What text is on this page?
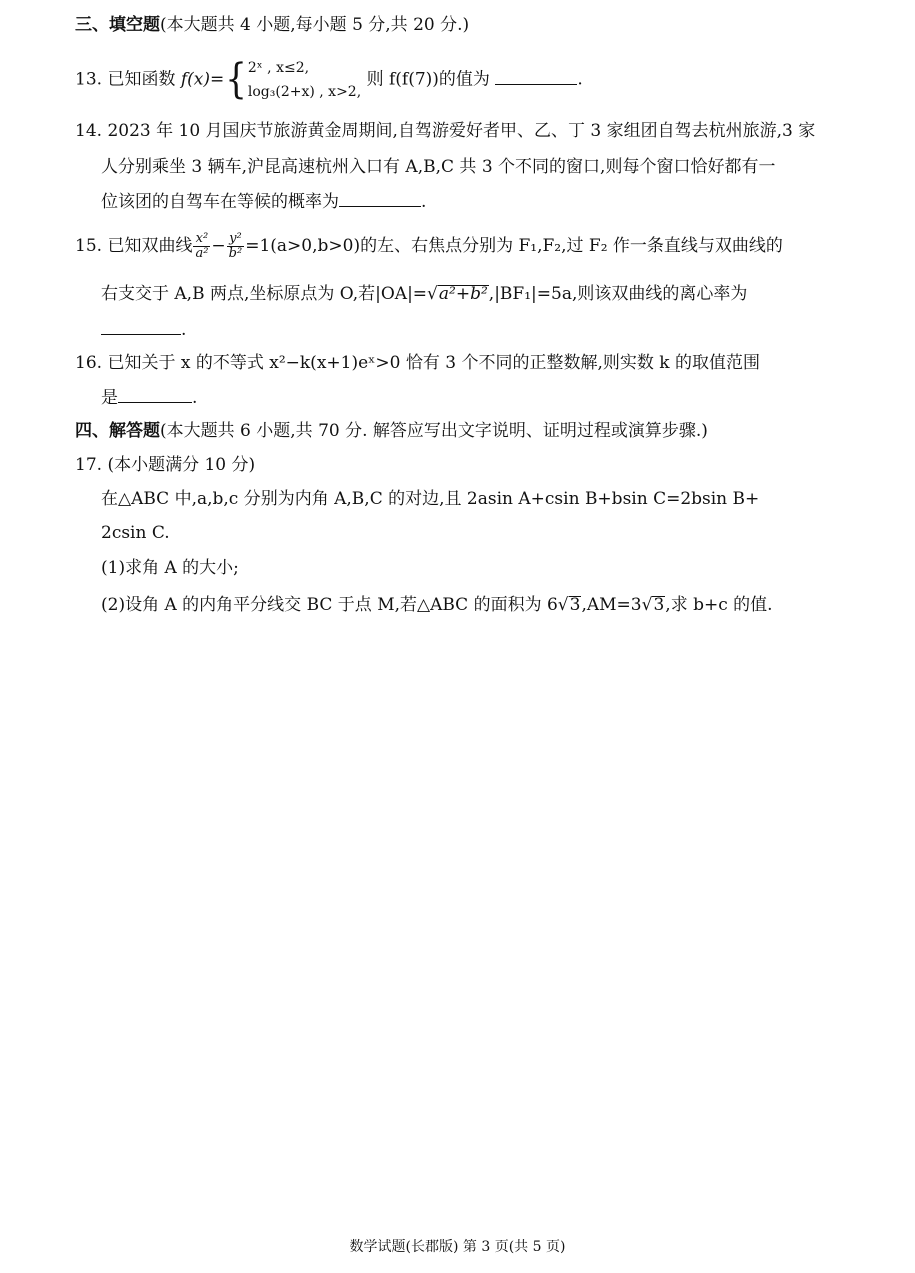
三、填空题(本大题共 4 小题,每小题 5 分,共 20 分.)
13. 已知函数 f(x)={ 2ˣ , x≤2,
log₃(2+x) , x>2,
则 f(f(7))的值为	.
14. 2023 年 10 月国庆节旅游黄金周期间,自驾游爱好者甲、乙、丁 3 家组团自驾去杭州旅游,3 家
人分别乘坐 3 辆车,沪昆高速杭州入口有 A,B,C 共 3 个不同的窗口,则每个窗口恰好都有一
位该团的自驾车在等候的概率为	.
15. 已知双曲线 $\frac{\text{x²}}{\text{a²}} - \frac{\text{y²}}{\text{b²}} =1(a>0,b>0)$的左、右焦点分别为 F₁,F₂,过 F₂ 作一条直线与双曲线的
右支交于 A,B 两点,坐标原点为 O,若|OA|=√a²+b²,|BF₁|=5a,则该双曲线的离心率为
.
16. 已知关于 x 的不等式 x²−k(x+1)eˣ>0 恰有 3 个不同的正整数解,则实数 k 的取值范围
是	.
四、解答题(本大题共 6 小题,共 70 分. 解答应写出文字说明、证明过程或演算步骤.)
17. (本小题满分 10 分)
在△ABC 中,a,b,c 分别为内角 A,B,C 的对边,且 2asin A+csin B+bsin C=2bsin B+
2csin C.
(1)求角 A 的大小;
(2)设角 A 的内角平分线交 BC 于点 M,若△ABC 的面积为 6√3,AM=3√3,求 b+c 的值.
数学试题(长郡版) 第 3 页(共 5 页)
